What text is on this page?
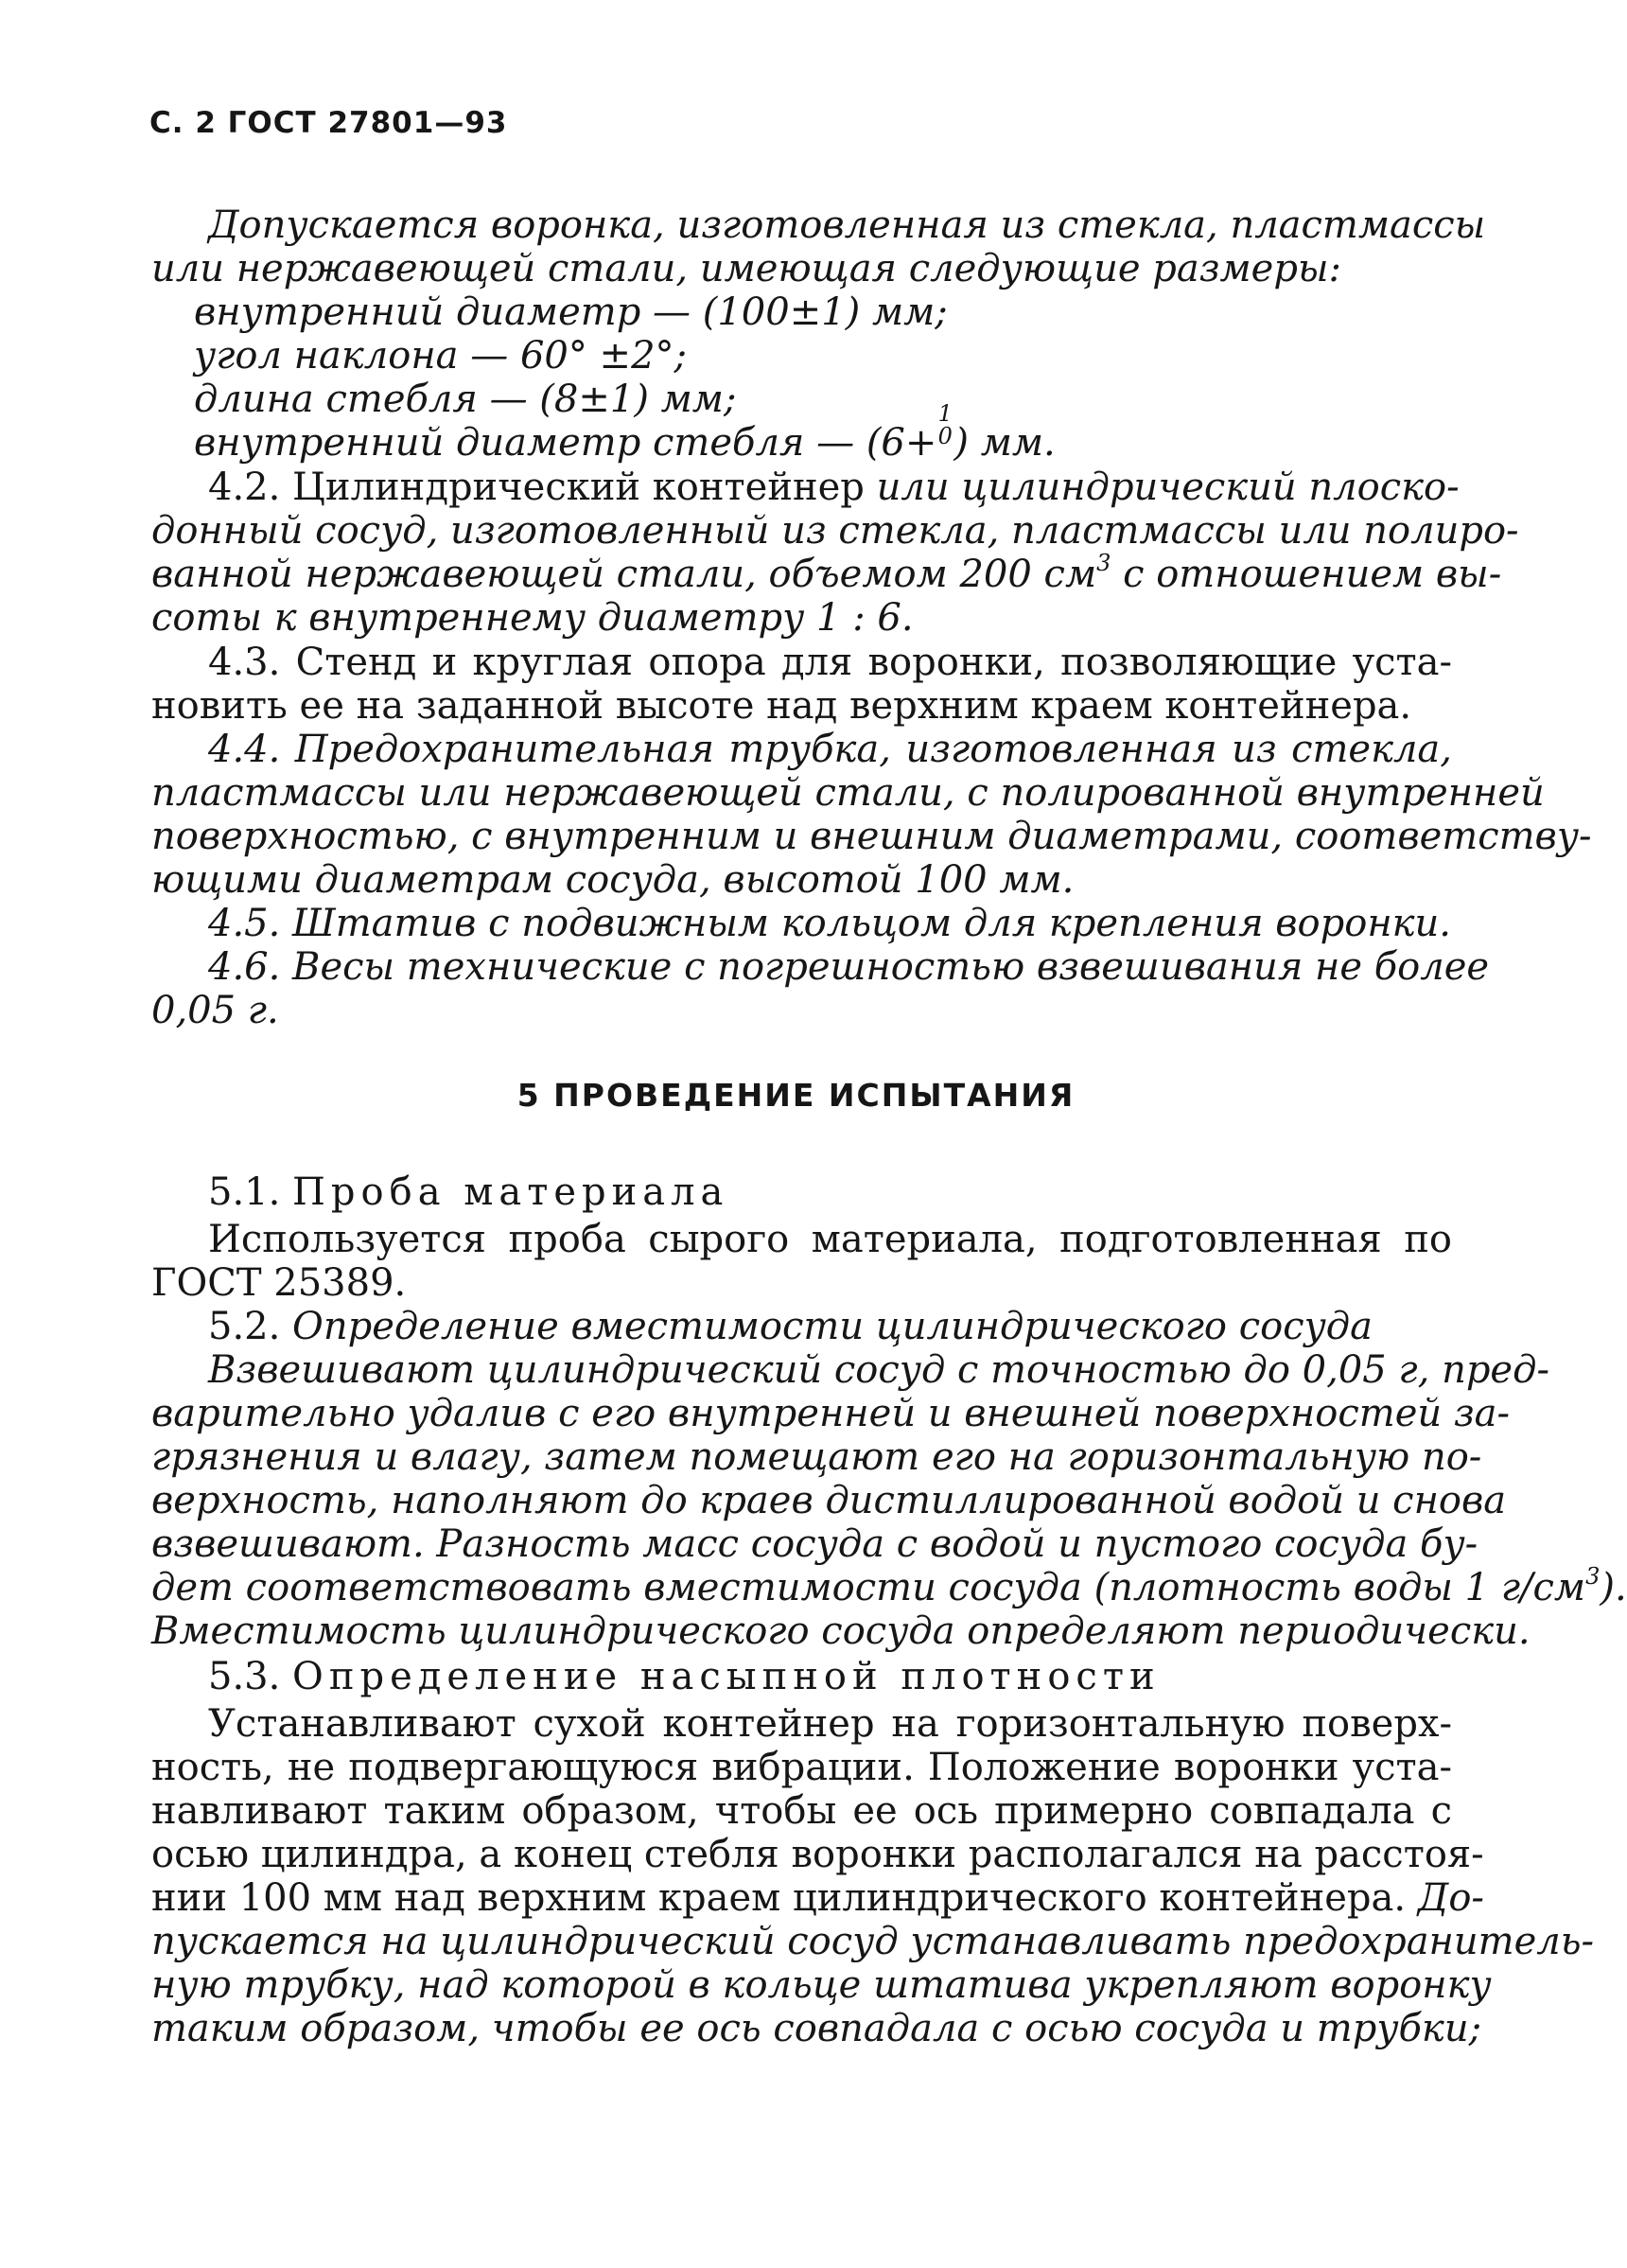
С. 2 ГОСТ 27801—93
Допускается воронка, изготовленная из стекла, пластмассы
или нержавеющей стали, имеющая следующие размеры:
внутренний диаметр — (100±1) мм;
угол наклона — 60° ±2°;
длина стебля — (8±1) мм;
внутренний диаметр стебля — (6+
1
0 ) мм.
4.2. Цилиндрический контейнер или цилиндрический плоско-
донный сосуд, изготовленный из стекла, пластмассы или полиро-
ванной нержавеющей стали, объемом 200 $см^3$ с отношением вы-
соты к внутреннему диаметру 1 : 6.
4.3. Стенд и круглая опора для воронки, позволяющие уста-
новить ее на заданной высоте над верхним краем контейнера.
4.4. Предохранительная трубка, изготовленная из стекла,
пластмассы или нержавеющей стали, с полированной внутренней
поверхностью, с внутренним и внешним диаметрами, соответству-
ющими диаметрам сосуда, высотой 100 мм.
4.5. Штатив с подвижным кольцом для крепления воронки.
4.6. Весы технические с погрешностью взвешивания не более
0,05 г.
5 ПРОВЕДЕНИЕ ИСПЫТАНИЯ
5.1. Проба материала
Используется проба сырого материала, подготовленная по
ГОСТ 25389.
5.2. Определение вместимости цилиндрического сосуда
Взвешивают цилиндрический сосуд с точностью до 0,05 г, пред-
варительно удалив с его внутренней и внешней поверхностей за-
грязнения и влагу, затем помещают его на горизонтальную по-
верхность, наполняют до краев дистиллированной водой и снова
взвешивают. Разность масс сосуда с водой и пустого сосуда бу-
дет соответствовать вместимости сосуда (плотность воды 1 $г/см^3$).
Вместимость цилиндрического сосуда определяют периодически.
5.3. Определение насыпной плотности
Устанавливают сухой контейнер на горизонтальную поверх-
ность, не подвергающуюся вибрации. Положение воронки уста-
навливают таким образом, чтобы ее ось примерно совпадала с
осью цилиндра, а конец стебля воронки располагался на расстоя-
нии 100 мм над верхним краем цилиндрического контейнера. До-
пускается на цилиндрический сосуд устанавливать предохранитель-
ную трубку, над которой в кольце штатива укрепляют воронку
таким образом, чтобы ее ось совпадала с осью сосуда и трубки;
